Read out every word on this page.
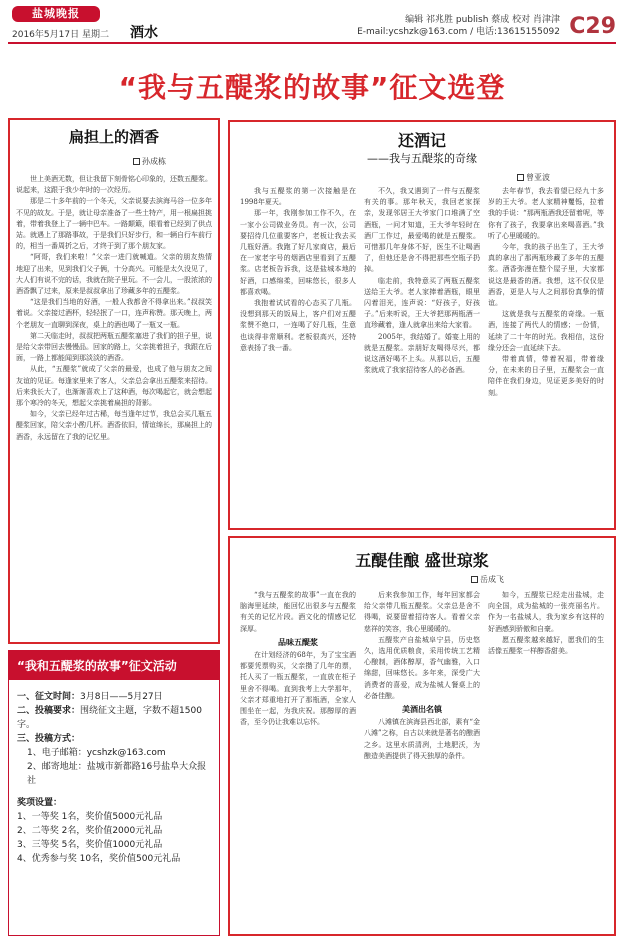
盐城晚报
2016年5月17日 星期二 酒水
编辑 祁兆胜 publish 蔡成 校对 肖津津
E-mail:ycshzk@163.com / 电话:13615155092 C29
“我与五醍浆的故事”征文选登
扁担上的酒香
孙成栋

世上美酒无数，但让我留下刻骨铭心印象的，还数五醍浆。说起来，这跟于我少年时的一次经历。

那是二十多年前的一个冬天，父亲说要去滨海马谷一位多年不见的故友。于是，就让母亲准备了一些土特产，用一根扁担挑着，带着我登上了一辆中巴车。一路颠簸，眼看着已经到了供点站。就遇上了那路事故，于是我们只好步行，和一辆自行车前行的，相当一番周折之后，才终于到了那个朋友家。

“阿哥，我们来啦！”父亲一进门就喊道。父亲的朋友热情地迎了出来，见到我们父子俩，十分高兴。可能是太久没见了，大人们有说不完的话，我就在院子里玩。不一会儿，一股浓浓的酒香飘了过来，原来是叔叔拿出了珍藏多年的五醍浆。

“这是我们当地的好酒，一般人我都舍不得拿出来。”叔叔笑着说。父亲接过酒杯，轻轻抿了一口，连声称赞。那天晚上，两个老朋友一直聊到深夜，桌上的酒也喝了一瓶又一瓶。

第二天临走时，叔叔把两瓶五醍浆塞进了我们的担子里，说是给父亲带回去慢慢品。回家的路上，父亲挑着担子，我跟在后面，一路上都能闻到那淡淡的酒香。

从此，“五醍浆”就成了父亲的最爱，也成了他与朋友之间友谊的见证。每逢家里来了客人，父亲总会拿出五醍浆来招待。后来我长大了，也渐渐喜欢上了这种酒，每次喝起它，就会想起那个寒冷的冬天，想起父亲挑着扁担的背影。

如今，父亲已经年过古稀，每当逢年过节，我总会买几瓶五醍浆回家，陪父亲小酌几杯。酒香依旧，情谊绵长，那扁担上的酒香，永远留在了我的记忆里。

还酒记
——我与五醍浆的奇缘
曾亚波

我与五醍浆的第一次接触是在1998年夏天。

那一年，我刚参加工作不久，在一家小公司做业务员。有一次，公司要招待几位重要客户，老板让我去买几瓶好酒。我跑了好几家商店，最后在一家老字号的烟酒店里看到了五醍浆。店老板告诉我，这是盐城本地的好酒，口感绵柔，回味悠长，很多人都喜欢喝。

我抱着试试看的心态买了几瓶。没想到那天的饭局上，客户们对五醍浆赞不绝口，一连喝了好几瓶，生意也谈得非常顺利。老板很高兴，还特意表扬了我一番。

不久，我又遇到了一件与五醍浆有关的事。那年秋天，我回老家探亲，发现邻居王大爷家门口堆满了空酒瓶，一问才知道，王大爷年轻时在酒厂工作过，最爱喝的就是五醍浆。可惜那几年身体不好，医生不让喝酒了，但他还是舍不得把那些空瓶子扔掉。

临走前，我特意买了两瓶五醍浆送给王大爷。老人家捧着酒瓶，眼里闪着泪光，连声说：“好孩子，好孩子。”后来听说，王大爷把那两瓶酒一直珍藏着，逢人就拿出来给大家看。

2005年，我结婚了。婚宴上用的就是五醍浆。亲朋好友喝得尽兴，都说这酒好喝不上头。从那以后，五醍浆就成了我家招待客人的必备酒。

去年春节，我去看望已经九十多岁的王大爷。老人家精神矍铄，拉着我的手说：“那两瓶酒我还留着呢，等你有了孩子，我要拿出来喝喜酒。”我听了心里暖暖的。

今年，我的孩子出生了，王大爷真的拿出了那两瓶珍藏了多年的五醍浆。酒香弥漫在整个屋子里，大家都说这是最香的酒。我想，这不仅仅是酒香，更是人与人之间那份真挚的情谊。

这就是我与五醍浆的奇缘。一瓶酒，连接了两代人的情感；一份情，延续了二十年的时光。我相信，这份缘分还会一直延续下去。

带着真情，带着祝福，带着缘分，在未来的日子里，五醍浆会一直陪伴在我们身边，见证更多美好的时刻。

五醍佳酿 盛世琼浆
岳成飞

“我与五醍浆的故事”一直在我的脑海里延续，能回忆出很多与五醍浆有关的记忆片段。酒文化的情感记忆深厚。

品味五醍浆

在计划经济的68年，为了宝宝酒都要凭票购买，父亲攒了几年的票，托人买了一瓶五醍浆，一直放在柜子里舍不得喝。直到我考上大学那年，父亲才郑重地打开了那瓶酒，全家人围坐在一起，为我庆祝。那醇厚的酒香，至今仍让我难以忘怀。

后来我参加工作，每年回家都会给父亲带几瓶五醍浆。父亲总是舍不得喝，说要留着招待客人。看着父亲慈祥的笑容，我心里暖暖的。

五醍浆产自盐城阜宁县，历史悠久，选用优质粮食，采用传统工艺精心酿制，酒体醇厚，香气幽雅，入口绵甜，回味悠长。多年来，深受广大消费者的喜爱，成为盐城人餐桌上的必备佳酿。

美酒出名镇

八滩镇在滨海县西北部，素有“金八滩”之称，自古以来就是著名的酿酒之乡。这里水质清冽，土地肥沃，为酿造美酒提供了得天独厚的条件。

如今，五醍浆已经走出盐城，走向全国，成为盐城的一张亮丽名片。作为一名盐城人，我为家乡有这样的好酒感到骄傲和自豪。

愿五醍浆越来越好，愿我们的生活像五醍浆一样醇香甜美。

“我和五醍浆的故事”征文活动
一、征文时间：3月8日——5月27日
二、投稿要求：围绕征文主题，字数不超1500字。
三、投稿方式：
1、电子邮箱：ycshzk@163.com
2、邮寄地址：盐城市新都路16号盐阜大众报社
奖项设置：
1、一等奖 1名，奖价值5000元礼品
2、二等奖 2名，奖价值2000元礼品
3、三等奖 5名，奖价值1000元礼品
4、优秀参与奖 10名，奖价值500元礼品
